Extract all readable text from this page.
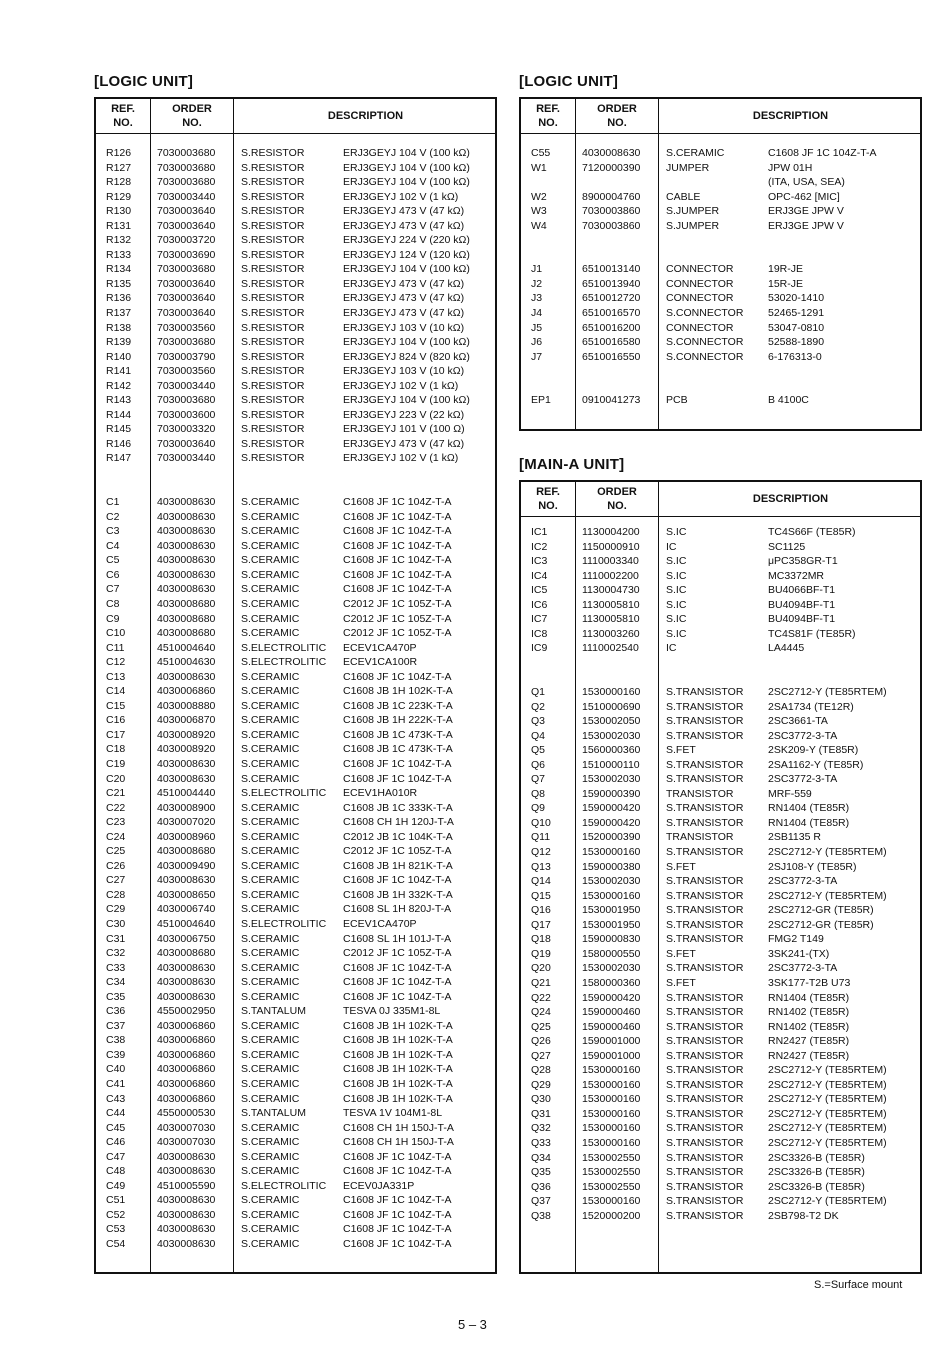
[LOGIC UNIT]
REF.
NO.
ORDER
NO.
DESCRIPTION
R126 7030003680 S.RESISTOR	ERJ3GEYJ 104 V (100 kΩ)
R127 7030003680 S.RESISTOR	ERJ3GEYJ 104 V (100 kΩ)
R128 7030003680 S.RESISTOR	ERJ3GEYJ 104 V (100 kΩ)
R129 7030003440 S.RESISTOR	ERJ3GEYJ 102 V (1 kΩ)
R130 7030003640 S.RESISTOR	ERJ3GEYJ 473 V (47 kΩ)
R131 7030003640 S.RESISTOR	ERJ3GEYJ 473 V (47 kΩ)
R132 7030003720 S.RESISTOR	ERJ3GEYJ 224 V (220 kΩ)
R133 7030003690 S.RESISTOR	ERJ3GEYJ 124 V (120 kΩ)
R134 7030003680 S.RESISTOR	ERJ3GEYJ 104 V (100 kΩ)
R135 7030003640 S.RESISTOR	ERJ3GEYJ 473 V (47 kΩ)
R136 7030003640 S.RESISTOR	ERJ3GEYJ 473 V (47 kΩ)
R137 7030003640 S.RESISTOR	ERJ3GEYJ 473 V (47 kΩ)
R138 7030003560 S.RESISTOR	ERJ3GEYJ 103 V (10 kΩ)
R139 7030003680 S.RESISTOR	ERJ3GEYJ 104 V (100 kΩ)
R140 7030003790 S.RESISTOR	ERJ3GEYJ 824 V (820 kΩ)
R141 7030003560 S.RESISTOR	ERJ3GEYJ 103 V (10 kΩ)
R142 7030003440 S.RESISTOR	ERJ3GEYJ 102 V (1 kΩ)
R143 7030003680 S.RESISTOR	ERJ3GEYJ 104 V (100 kΩ)
R144 7030003600 S.RESISTOR	ERJ3GEYJ 223 V (22 kΩ)
R145 7030003320 S.RESISTOR	ERJ3GEYJ 101 V (100 Ω)
R146 7030003640 S.RESISTOR	ERJ3GEYJ 473 V (47 kΩ)
R147 7030003440 S.RESISTOR	ERJ3GEYJ 102 V (1 kΩ)
C1	4030008630 S.CERAMIC	C1608 JF 1C 104Z-T-A
C2	4030008630 S.CERAMIC	C1608 JF 1C 104Z-T-A
C3	4030008630 S.CERAMIC	C1608 JF 1C 104Z-T-A
C4	4030008630 S.CERAMIC	C1608 JF 1C 104Z-T-A
C5	4030008630 S.CERAMIC	C1608 JF 1C 104Z-T-A
C6	4030008630 S.CERAMIC	C1608 JF 1C 104Z-T-A
C7	4030008630 S.CERAMIC	C1608 JF 1C 104Z-T-A
C8	4030008680 S.CERAMIC	C2012 JF 1C 105Z-T-A
C9	4030008680 S.CERAMIC	C2012 JF 1C 105Z-T-A
C10	4030008680 S.CERAMIC	C2012 JF 1C 105Z-T-A
C11	4510004640 S.ELECTROLITIC ECEV1CA470P
C12	4510004630 S.ELECTROLITIC ECEV1CA100R
C13	4030008630 S.CERAMIC	C1608 JF 1C 104Z-T-A
C14	4030006860 S.CERAMIC	C1608 JB 1H 102K-T-A
C15	4030008880 S.CERAMIC	C1608 JB 1C 223K-T-A
C16	4030006870 S.CERAMIC	C1608 JB 1H 222K-T-A
C17	4030008920 S.CERAMIC	C1608 JB 1C 473K-T-A
C18	4030008920 S.CERAMIC	C1608 JB 1C 473K-T-A
C19	4030008630 S.CERAMIC	C1608 JF 1C 104Z-T-A
C20	4030008630 S.CERAMIC	C1608 JF 1C 104Z-T-A
C21	4510004440 S.ELECTROLITIC ECEV1HA010R
C22	4030008900 S.CERAMIC	C1608 JB 1C 333K-T-A
C23	4030007020 S.CERAMIC	C1608 CH 1H 120J-T-A
C24	4030008960 S.CERAMIC	C2012 JB 1C 104K-T-A
C25	4030008680 S.CERAMIC	C2012 JF 1C 105Z-T-A
C26	4030009490 S.CERAMIC	C1608 JB 1H 821K-T-A
C27	4030008630 S.CERAMIC	C1608 JF 1C 104Z-T-A
C28	4030008650 S.CERAMIC	C1608 JB 1H 332K-T-A
C29	4030006740 S.CERAMIC	C1608 SL 1H 820J-T-A
C30	4510004640 S.ELECTROLITIC ECEV1CA470P
C31	4030006750 S.CERAMIC	C1608 SL 1H 101J-T-A
C32	4030008680 S.CERAMIC	C2012 JF 1C 105Z-T-A
C33	4030008630 S.CERAMIC	C1608 JF 1C 104Z-T-A
C34	4030008630 S.CERAMIC	C1608 JF 1C 104Z-T-A
C35	4030008630 S.CERAMIC	C1608 JF 1C 104Z-T-A
C36	4550002950 S.TANTALUM	TESVA 0J 335M1-8L
C37	4030006860 S.CERAMIC	C1608 JB 1H 102K-T-A
C38	4030006860 S.CERAMIC	C1608 JB 1H 102K-T-A
C39	4030006860 S.CERAMIC	C1608 JB 1H 102K-T-A
C40	4030006860 S.CERAMIC	C1608 JB 1H 102K-T-A
C41	4030006860 S.CERAMIC	C1608 JB 1H 102K-T-A
C43	4030006860 S.CERAMIC	C1608 JB 1H 102K-T-A
C44	4550000530 S.TANTALUM	TESVA 1V 104M1-8L
C45	4030007030 S.CERAMIC	C1608 CH 1H 150J-T-A
C46	4030007030 S.CERAMIC	C1608 CH 1H 150J-T-A
C47	4030008630 S.CERAMIC	C1608 JF 1C 104Z-T-A
C48	4030008630 S.CERAMIC	C1608 JF 1C 104Z-T-A
C49	4510005590 S.ELECTROLITIC ECEV0JA331P
C51	4030008630 S.CERAMIC	C1608 JF 1C 104Z-T-A
C52	4030008630 S.CERAMIC	C1608 JF 1C 104Z-T-A
C53	4030008630 S.CERAMIC	C1608 JF 1C 104Z-T-A
C54	4030008630 S.CERAMIC	C1608 JF 1C 104Z-T-A
[LOGIC UNIT]
REF.
NO.
ORDER
NO.
DESCRIPTION
C55	4030008630 S.CERAMIC	C1608 JF 1C 104Z-T-A
W1	7120000390 JUMPER	JPW 01H
(ITA, USA, SEA)
W2	8900004760 CABLE	OPC-462 [MIC]
W3	7030003860 S.JUMPER	ERJ3GE JPW V
W4	7030003860 S.JUMPER	ERJ3GE JPW V
J1	6510013140 CONNECTOR	19R-JE
J2	6510013940 CONNECTOR	15R-JE
J3	6510012720 CONNECTOR	53020-1410
J4	6510016570 S.CONNECTOR 52465-1291
J5	6510016200 CONNECTOR	53047-0810
J6	6510016580 S.CONNECTOR 52588-1890
J7	6510016550 S.CONNECTOR 6-176313-0
EP1	0910041273 PCB	B 4100C
[MAIN-A UNIT]
REF.
NO.
ORDER
NO.
DESCRIPTION
IC1	1130004200	S.IC	TC4S66F (TE85R)
IC2	1150000910	IC	SC1125
IC3	1110003340	S.IC	μPC358GR-T1
IC4	1110002200	S.IC	MC3372MR
IC5	1130004730	S.IC	BU4066BF-T1
IC6	1130005810	S.IC	BU4094BF-T1
IC7	1130005810	S.IC	BU4094BF-T1
IC8	1130003260	S.IC	TC4S81F (TE85R)
IC9	1110002540	IC	LA4445
Q1	1530000160 S.TRANSISTOR 2SC2712-Y (TE85RTEM)
Q2	1510000690 S.TRANSISTOR 2SA1734 (TE12R)
Q3	1530002050 S.TRANSISTOR 2SC3661-TA
Q4	1530002030 S.TRANSISTOR 2SC3772-3-TA
Q5	1560000360 S.FET	2SK209-Y (TE85R)
Q6	1510000110	S.TRANSISTOR 2SA1162-Y (TE85R)
Q7	1530002030 S.TRANSISTOR 2SC3772-3-TA
Q8	1590000390 TRANSISTOR	MRF-559
Q9	1590000420 S.TRANSISTOR RN1404 (TE85R)
Q10	1590000420 S.TRANSISTOR RN1404 (TE85R)
Q11	1520000390 TRANSISTOR	2SB1135 R
Q12	1530000160 S.TRANSISTOR 2SC2712-Y (TE85RTEM)
Q13	1590000380 S.FET	2SJ108-Y (TE85R)
Q14	1530002030 S.TRANSISTOR 2SC3772-3-TA
Q15	1530000160 S.TRANSISTOR 2SC2712-Y (TE85RTEM)
Q16	1530001950 S.TRANSISTOR 2SC2712-GR (TE85R)
Q17	1530001950 S.TRANSISTOR 2SC2712-GR (TE85R)
Q18	1590000830 S.TRANSISTOR FMG2 T149
Q19	1580000550 S.FET	3SK241-(TX)
Q20	1530002030 S.TRANSISTOR 2SC3772-3-TA
Q21	1580000360 S.FET	3SK177-T2B U73
Q22	1590000420 S.TRANSISTOR RN1404 (TE85R)
Q24	1590000460 S.TRANSISTOR RN1402 (TE85R)
Q25	1590000460 S.TRANSISTOR RN1402 (TE85R)
Q26	1590001000 S.TRANSISTOR RN2427 (TE85R)
Q27	1590001000 S.TRANSISTOR RN2427 (TE85R)
Q28	1530000160 S.TRANSISTOR 2SC2712-Y (TE85RTEM)
Q29	1530000160 S.TRANSISTOR 2SC2712-Y (TE85RTEM)
Q30	1530000160 S.TRANSISTOR 2SC2712-Y (TE85RTEM)
Q31	1530000160 S.TRANSISTOR 2SC2712-Y (TE85RTEM)
Q32	1530000160 S.TRANSISTOR 2SC2712-Y (TE85RTEM)
Q33	1530000160 S.TRANSISTOR 2SC2712-Y (TE85RTEM)
Q34	1530002550 S.TRANSISTOR 2SC3326-B (TE85R)
Q35	1530002550 S.TRANSISTOR 2SC3326-B (TE85R)
Q36	1530002550 S.TRANSISTOR 2SC3326-B (TE85R)
Q37	1530000160 S.TRANSISTOR 2SC2712-Y (TE85RTEM)
Q38	1520000200 S.TRANSISTOR 2SB798-T2 DK
S.=Surface mount
5 – 3
